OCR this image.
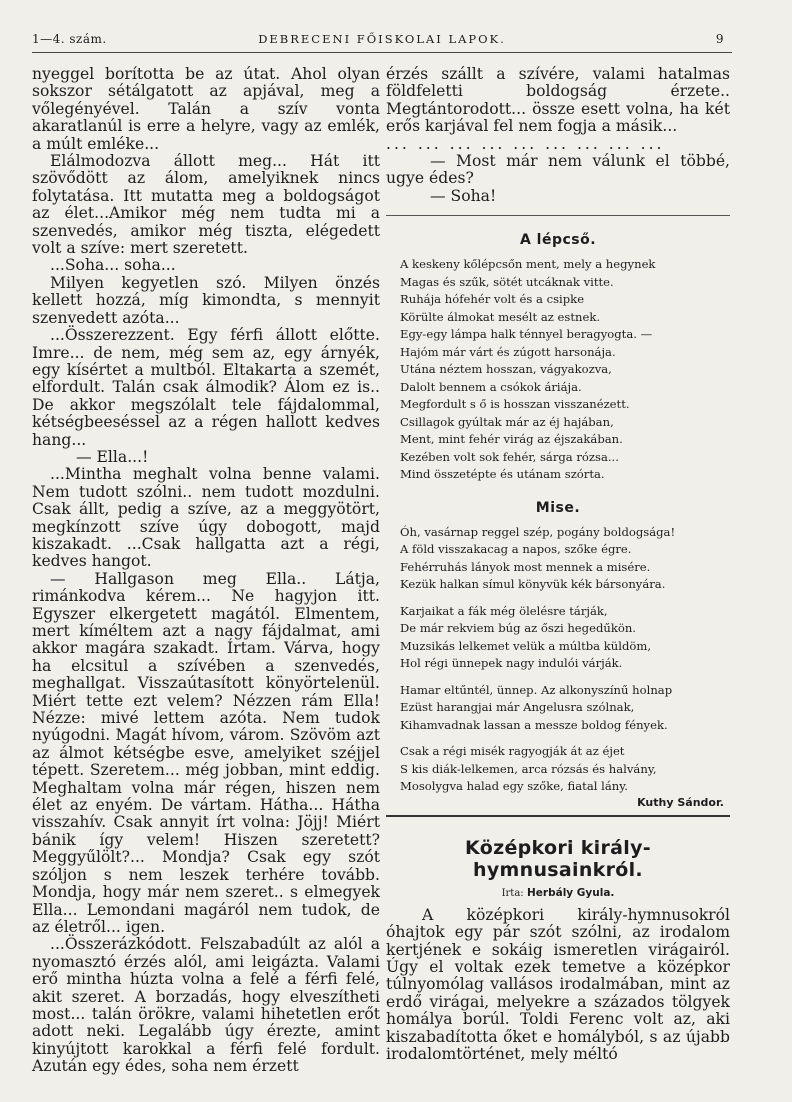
1—4. szám.	DEBRECENI FŐISKOLAI LAPOK.	9

nyeggel borította be az útat. Ahol olyan sokszor sétálgatott az apjával, meg a vőlegényével. Talán a szív vonta akaratlanúl is erre a helyre, vagy az emlék, a múlt emléke...

Elálmodozva állott meg... Hát itt szövődött az álom, amelyiknek nincs folytatása. Itt mutatta meg a boldogságot az élet...Amikor még nem tudta mi a szenvedés, amikor még tiszta, elégedett volt a szíve: mert szeretett.

...Soha... soha...

Milyen kegyetlen szó. Milyen önzés kellett hozzá, míg kimondta, s mennyit szenvedett azóta...

...Összerezzent. Egy férfi állott előtte. Imre... de nem, még sem az, egy árnyék, egy kísértet a multból. Eltakarta a szemét, elfordult. Talán csak álmodik? Álom ez is.. De akkor megszólalt tele fájdalommal, kétségbeeséssel az a régen hallott kedves hang...

— Ella...!

...Mintha meghalt volna benne valami. Nem tudott szólni.. nem tudott mozdulni. Csak állt, pedig a szíve, az a meggyötört, megkínzott szíve úgy dobogott, majd kiszakadt. ...Csak hallgatta azt a régi, kedves hangot.

— Hallgason meg Ella.. Látja, rimánkodva kérem... Ne hagyjon itt. Egyszer elkergetett magától. Elmentem, mert kíméltem azt a nagy fájdalmat, ami akkor magára szakadt. Írtam. Várva, hogy ha elcsitul a szívében a szenvedés, meghallgat. Visszaútasított könyörtelenül. Miért tette ezt velem? Nézzen rám Ella! Nézze: mivé lettem azóta. Nem tudok nyúgodni. Magát hívom, várom. Szövöm azt az álmot kétségbe esve, amelyiket széjjel tépett. Szeretem... még jobban, mint eddig. Meghaltam volna már régen, hiszen nem élet az enyém. De vártam. Hátha... Hátha visszahív. Csak annyit írt volna: Jöjj! Miért bánik így velem! Hiszen szeretett? Meggyűlölt?... Mondja? Csak egy szót szóljon s nem leszek terhére tovább. Mondja, hogy már nem szeret.. s elmegyek Ella... Lemondani magáról nem tudok, de az életről... igen.

...Összerázkódott. Felszabadúlt az alól a nyomasztó érzés alól, ami leigázta. Valami erő mintha húzta volna a felé a férfi felé, akit szeret. A borzadás, hogy elveszítheti most... talán örökre, valami hihetetlen erőt adott neki. Legalább úgy érezte, amint kinyújtott karokkal a férfi felé fordult. Azután egy édes, soha nem érzett

érzés szállt a szívére, valami hatalmas földfeletti boldogság érzete.. Megtántorodott... össze esett volna, ha két erős karjával fel nem fogja a másik...

... ... ... ... ... ... ... ... ...

— Most már nem válunk el többé, ugye édes?

— Soha!

A lépcső.

A keskeny kőlépcsőn ment, mely a hegynek

Magas és szűk, sötét utcáknak vitte.

Ruhája hófehér volt és a csipke

Körülte álmokat mesélt az estnek.

Egy-egy lámpa halk ténnyel beragyogta. —

Hajóm már várt és zúgott harsonája.

Utána néztem hosszan, vágyakozva,

Dalolt bennem a csókok áriája.

Megfordult s ő is hosszan visszanézett.

Csillagok gyúltak már az éj hajában,

Ment, mint fehér virág az éjszakában.

Kezében volt sok fehér, sárga rózsa...

Mind összetépte és utánam szórta.

Mise.

Óh, vasárnap reggel szép, pogány boldogsága!

A föld visszakacag a napos, szőke égre.

Fehérruhás lányok most mennek a misére.

Kezük halkan símul könyvük kék bársonyára.

Karjaikat a fák még ölelésre tárják,

De már rekviem búg az őszi hegedűkön.

Muzsikás lelkemet velük a múltba küldöm,

Hol régi ünnepek nagy indulói várják.

Hamar eltűntél, ünnep. Az alkonyszínű holnap

Ezüst harangjai már Angelusra szólnak,

Kihamvadnak lassan a messze boldog fények.

Csak a régi misék ragyogják át az éjet

S kis diák-lelkemen, arca rózsás és halvány,

Mosolygva halad egy szőke, fiatal lány.

Kuthy Sándor.

Középkori király-hymnusainkról.
Irta: Herbály Gyula.

A középkori király-hymnusokról óhajtok egy pár szót szólni, az irodalom kertjének e sokáig ismeretlen virágairól. Úgy el voltak ezek temetve a középkor túlnyomólag vallásos irodalmában, mint az erdő virágai, melyekre a százados tölgyek homálya borúl. Toldi Ferenc volt az, aki kiszabadította őket e homályból, s az újabb irodalomtörténet, mely méltó
